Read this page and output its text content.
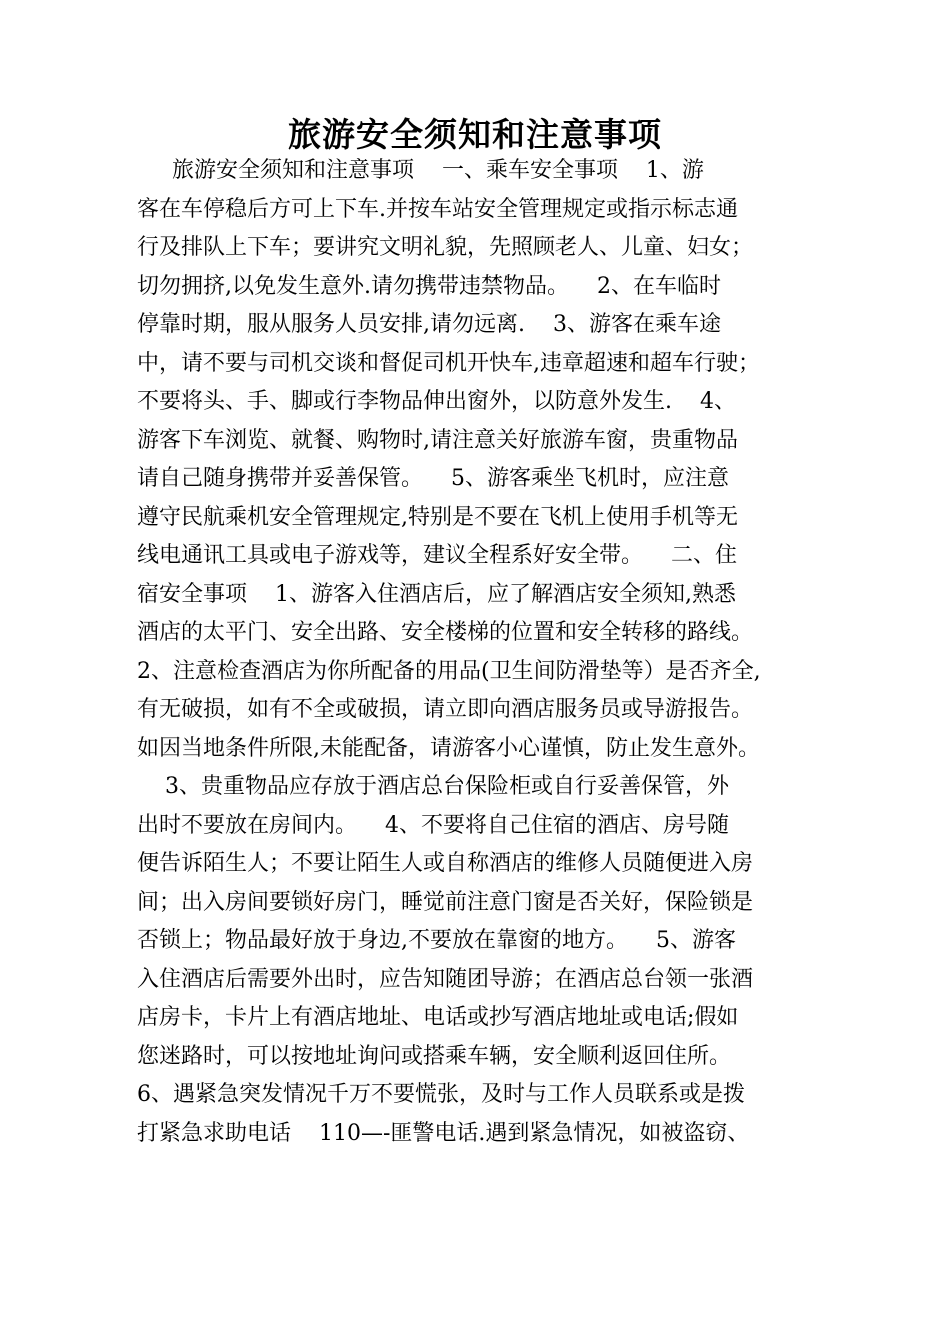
旅游安全须知和注意事项
旅游安全须知和注意事项    一、乘车安全事项    1、游
客在车停稳后方可上下车.并按车站安全管理规定或指示标志通
行及排队上下车；要讲究文明礼貌，先照顾老人、儿童、妇女；
切勿拥挤,以免发生意外.请勿携带违禁物品。    2、在车临时
停靠时期，服从服务人员安排,请勿远离.    3、游客在乘车途
中，请不要与司机交谈和督促司机开快车,违章超速和超车行驶；
不要将头、手、脚或行李物品伸出窗外，以防意外发生.    4、
游客下车浏览、就餐、购物时,请注意关好旅游车窗，贵重物品
请自己随身携带并妥善保管。    5、游客乘坐飞机时，应注意
遵守民航乘机安全管理规定,特别是不要在飞机上使用手机等无
线电通讯工具或电子游戏等，建议全程系好安全带。    二、住
宿安全事项    1、游客入住酒店后，应了解酒店安全须知,熟悉
酒店的太平门、安全出路、安全楼梯的位置和安全转移的路线。
2、注意检查酒店为你所配备的用品(卫生间防滑垫等）是否齐全,
有无破损，如有不全或破损，请立即向酒店服务员或导游报告。
如因当地条件所限,未能配备，请游客小心谨慎，防止发生意外。
3、贵重物品应存放于酒店总台保险柜或自行妥善保管，外
出时不要放在房间内。    4、不要将自己住宿的酒店、房号随
便告诉陌生人；不要让陌生人或自称酒店的维修人员随便进入房
间；出入房间要锁好房门，睡觉前注意门窗是否关好，保险锁是
否锁上；物品最好放于身边,不要放在靠窗的地方。    5、游客
入住酒店后需要外出时，应告知随团导游；在酒店总台领一张酒
店房卡，卡片上有酒店地址、电话或抄写酒店地址或电话;假如
您迷路时，可以按地址询问或搭乘车辆，安全顺利返回住所。
6、遇紧急突发情况千万不要慌张，及时与工作人员联系或是拨
打紧急求助电话    110—-匪警电话.遇到紧急情况，如被盗窃、
